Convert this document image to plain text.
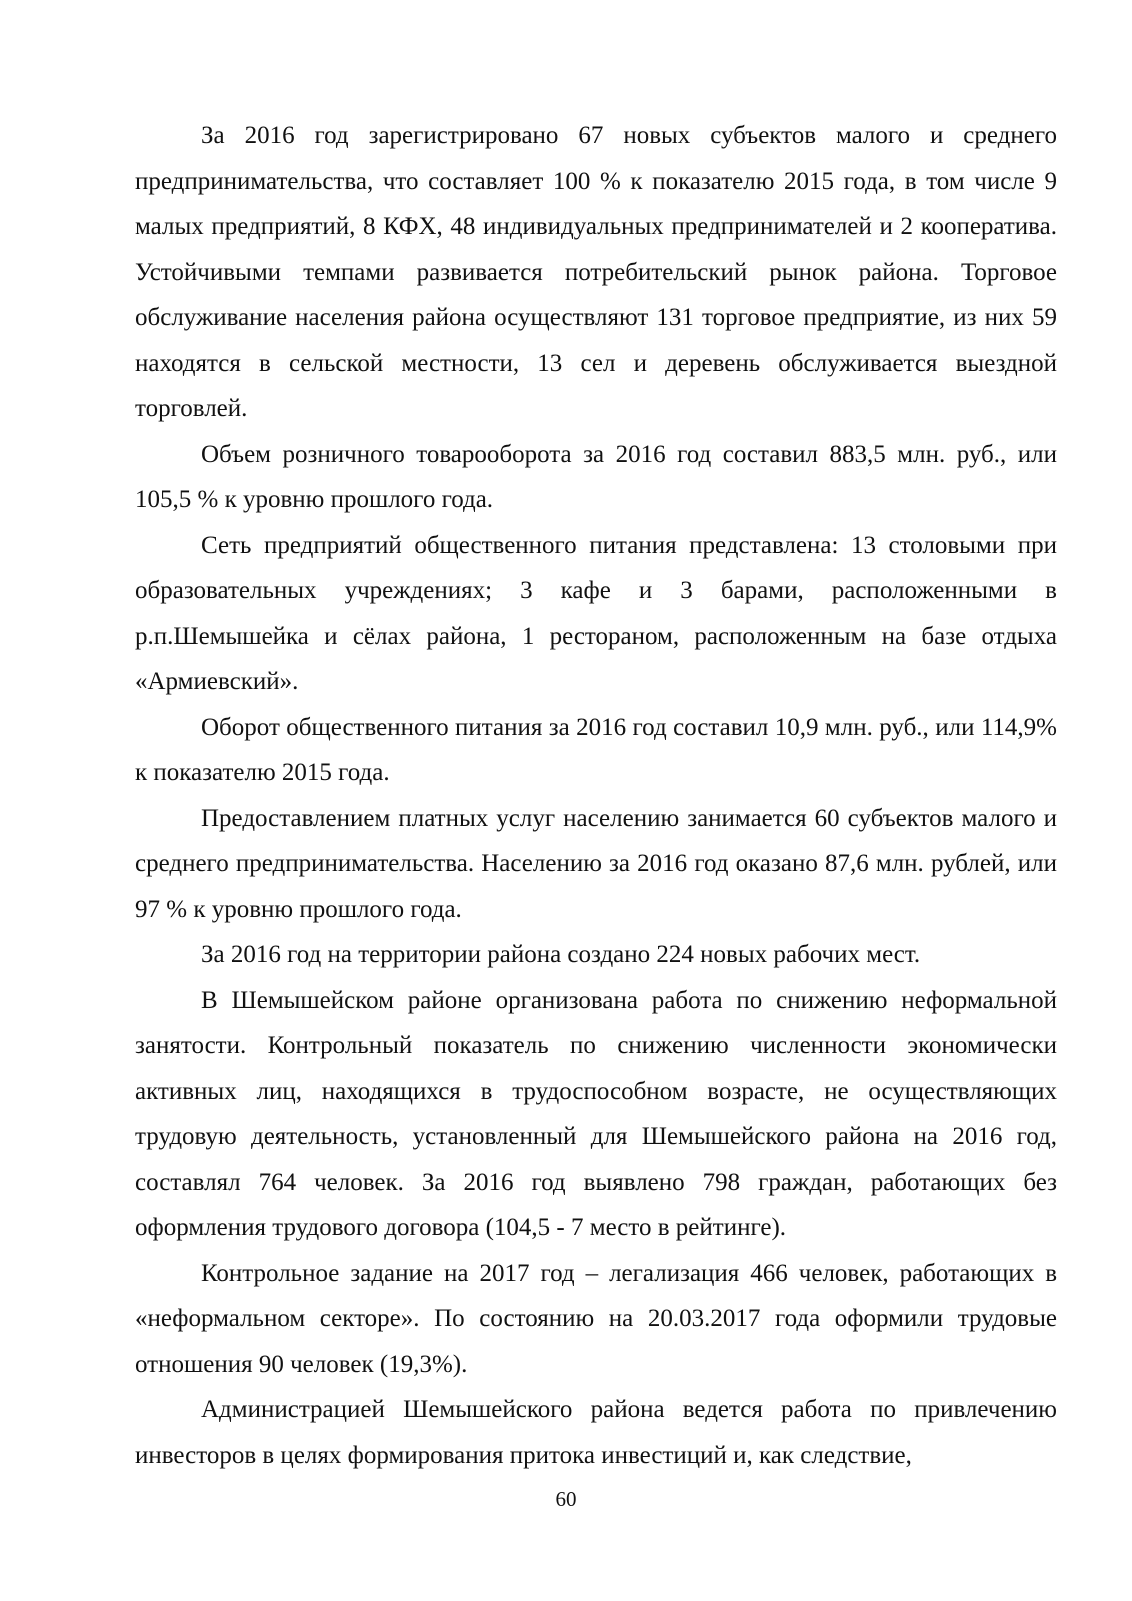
За 2016 год зарегистрировано 67 новых субъектов малого и среднего предпринимательства, что составляет 100 % к показателю 2015 года, в том числе 9 малых предприятий, 8 КФХ, 48 индивидуальных предпринимателей и 2 кооператива. Устойчивыми темпами развивается потребительский рынок района. Торговое обслуживание населения района осуществляют 131 торговое предприятие, из них 59 находятся в сельской местности, 13 сел и деревень обслуживается выездной торговлей.

Объем розничного товарооборота за 2016 год составил 883,5 млн. руб., или 105,5 % к уровню прошлого года.

Сеть предприятий общественного питания представлена: 13 столовыми при образовательных учреждениях; 3 кафе и 3 барами, расположенными в р.п.Шемышейка и сёлах района, 1 рестораном, расположенным на базе отдыха «Армиевский».

Оборот общественного питания за 2016 год составил 10,9 млн. руб., или 114,9% к показателю 2015 года.

Предоставлением платных услуг населению занимается 60 субъектов малого и среднего предпринимательства. Населению за 2016 год оказано 87,6 млн. рублей, или 97 % к уровню прошлого года.

За 2016 год на территории района создано 224 новых рабочих мест.

В Шемышейском районе организована работа по снижению неформальной занятости. Контрольный показатель по снижению численности экономически активных лиц, находящихся в трудоспособном возрасте, не осуществляющих трудовую деятельность, установленный для Шемышейского района на 2016 год, составлял 764 человек. За 2016 год выявлено 798 граждан, работающих без оформления трудового договора (104,5 - 7 место в рейтинге).

Контрольное задание на 2017 год – легализация 466 человек, работающих в «неформальном секторе». По состоянию на 20.03.2017 года оформили трудовые отношения 90 человек (19,3%).

Администрацией Шемышейского района ведется работа по привлечению инвесторов в целях формирования притока инвестиций и, как следствие,

60
